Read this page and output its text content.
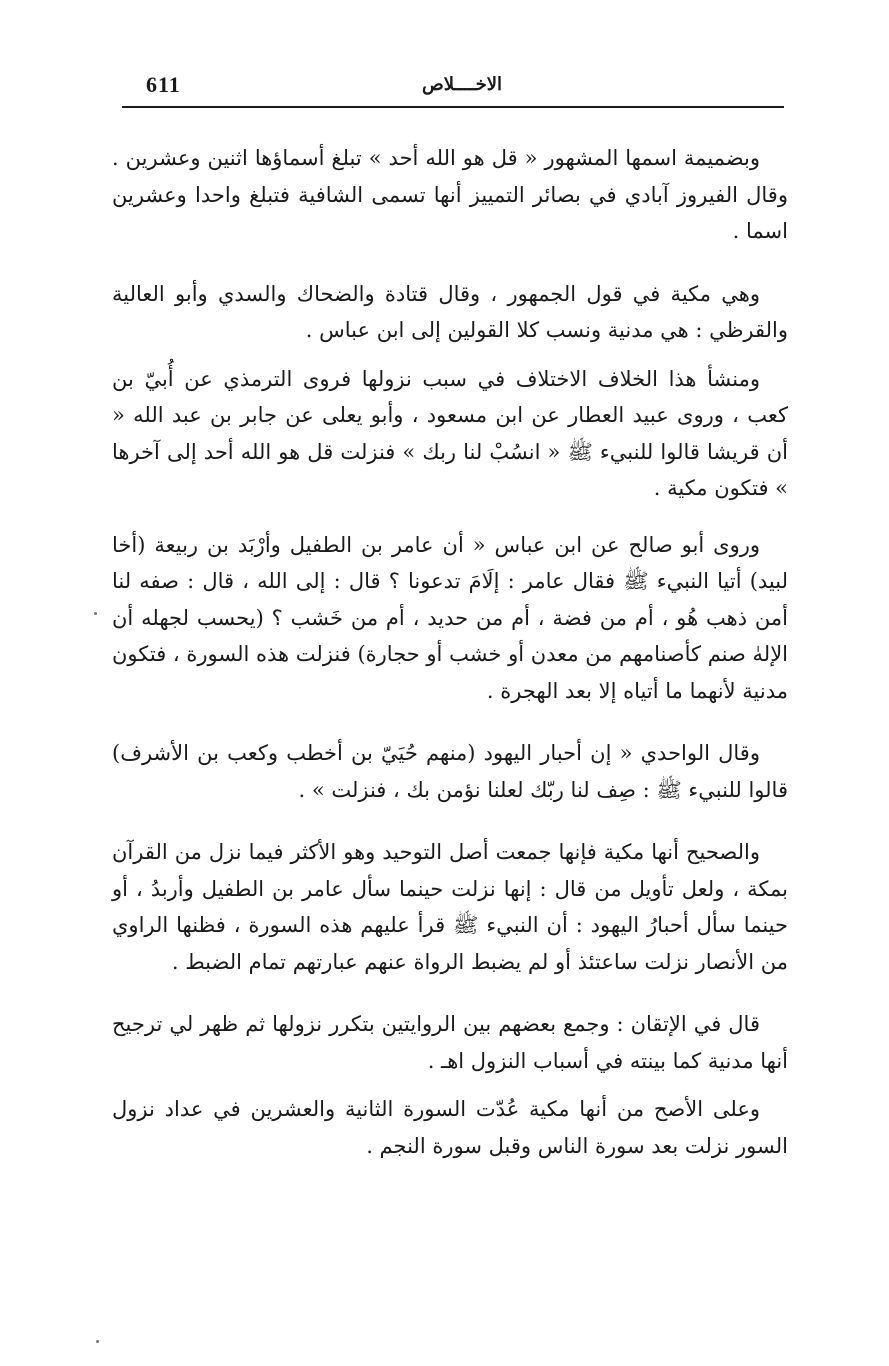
611	الاخــــلاص

وبضميمة اسمها المشهور « قل هو الله أحد » تبلغ أسماؤها اثنين وعشرين . وقال الفيروز آبادي في بصائر التمييز أنها تسمى الشافية فتبلغ واحدا وعشرين اسما .

وهي مكية في قول الجمهور ، وقال قتادة والضحاك والسدي وأبو العالية والقرظي : هي مدنية ونسب كلا القولين إلى ابن عباس .

ومنشأ هذا الخلاف الاختلاف في سبب نزولها فروى الترمذي عن أُبيّ بن كعب ، وروى عبيد العطار عن ابن مسعود ، وأبو يعلى عن جابر بن عبد الله « أن قريشا قالوا للنبيء ﷺ « انسُبْ لنا ربك » فنزلت قل هو الله أحد إلى آخرها » فتكون مكية .

وروى أبو صالح عن ابن عباس « أن عامر بن الطفيل وأرْبَد بن ربيعة (أخا لبيد) أتيا النبيء ﷺ فقال عامر : إلَامَ تدعونا ؟ قال : إلى الله ، قال : صفه لنا أمن ذهب هُو ، أم من فضة ، أم من حديد ، أم من خَشب ؟ (يحسب لجهله أن الإلهٰ صنم كأصنامهم من معدن أو خشب أو حجارة) فنزلت هذه السورة ، فتكون مدنية لأنهما ما أتياه إلا بعد الهجرة .

وقال الواحدي « إن أحبار اليهود (منهم حُيَيّ بن أخطب وكعب بن الأشرف) قالوا للنبيء ﷺ : صِف لنا ربّك لعلنا نؤمن بك ، فنزلت » .

والصحيح أنها مكية فإنها جمعت أصل التوحيد وهو الأكثر فيما نزل من القرآن بمكة ، ولعل تأويل من قال : إنها نزلت حينما سأل عامر بن الطفيل وأربدُ ، أو حينما سأل أحبارُ اليهود : أن النبيء ﷺ قرأ عليهم هذه السورة ، فظنها الراوي من الأنصار نزلت ساعتئذ أو لم يضبط الرواة عنهم عبارتهم تمام الضبط .

قال في الإتقان : وجمع بعضهم بين الروايتين بتكرر نزولها ثم ظهر لي ترجيح أنها مدنية كما بينته في أسباب النزول اهـ .

وعلى الأصح من أنها مكية عُدّت السورة الثانية والعشرين في عداد نزول السور نزلت بعد سورة الناس وقبل سورة النجم .
